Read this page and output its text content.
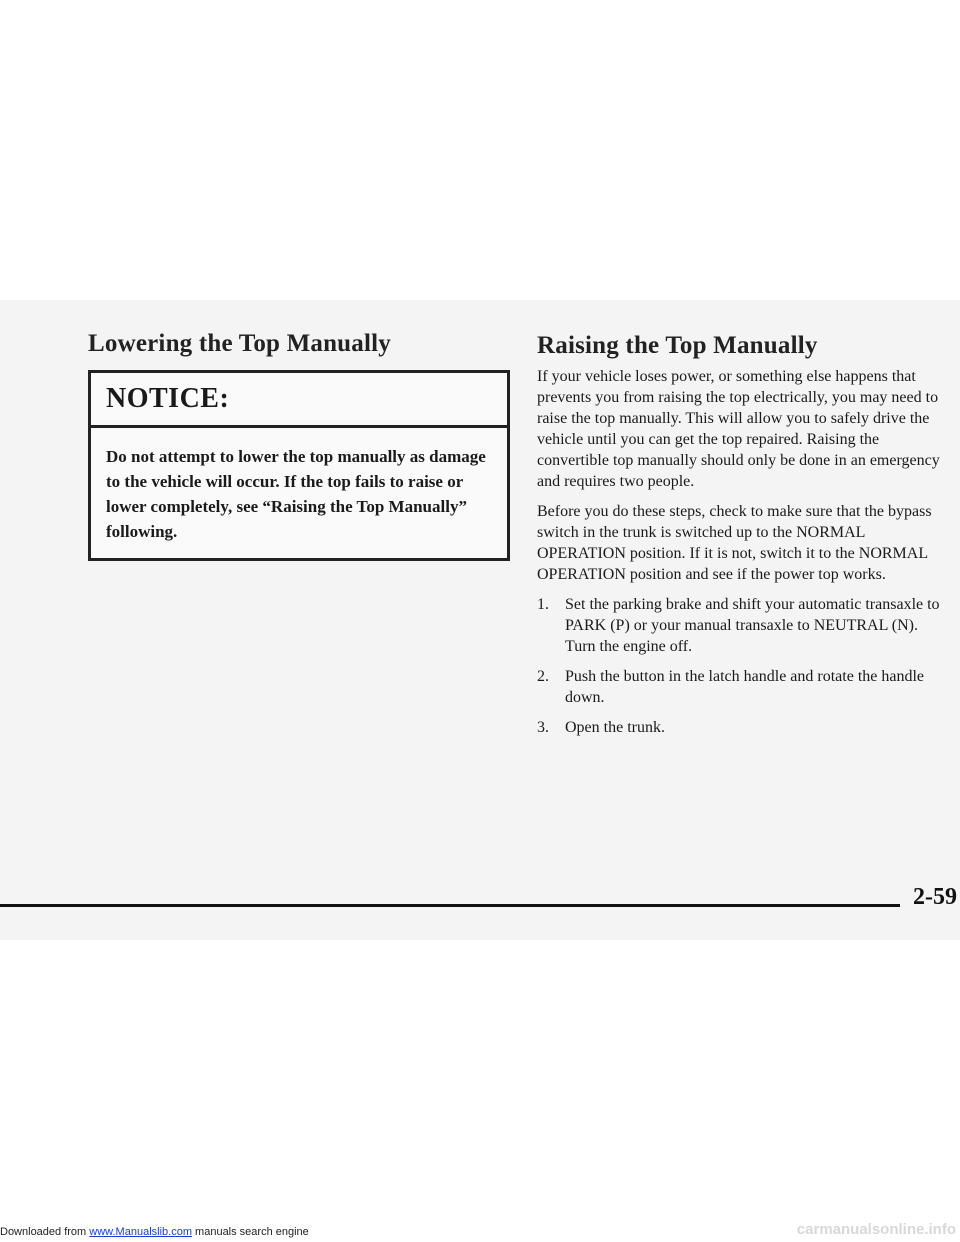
Lowering the Top Manually
NOTICE:
Do not attempt to lower the top manually as damage to the vehicle will occur. If the top fails to raise or lower completely, see “Raising the Top Manually” following.
Raising the Top Manually

If your vehicle loses power, or something else happens that prevents you from raising the top electrically, you may need to raise the top manually. This will allow you to safely drive the vehicle until you can get the top repaired. Raising the convertible top manually should only be done in an emergency and requires two people.

Before you do these steps, check to make sure that the bypass switch in the trunk is switched up to the NORMAL OPERATION position. If it is not, switch it to the NORMAL OPERATION position and see if the power top works.

1.	Set the parking brake and shift your automatic transaxle to PARK (P) or your manual transaxle to NEUTRAL (N). Turn the engine off.
2.	Push the button in the latch handle and rotate the handle down.
3.	Open the trunk.
2-59
Downloaded from www.Manualslib.com manuals search engine	carmanualsonline.info
